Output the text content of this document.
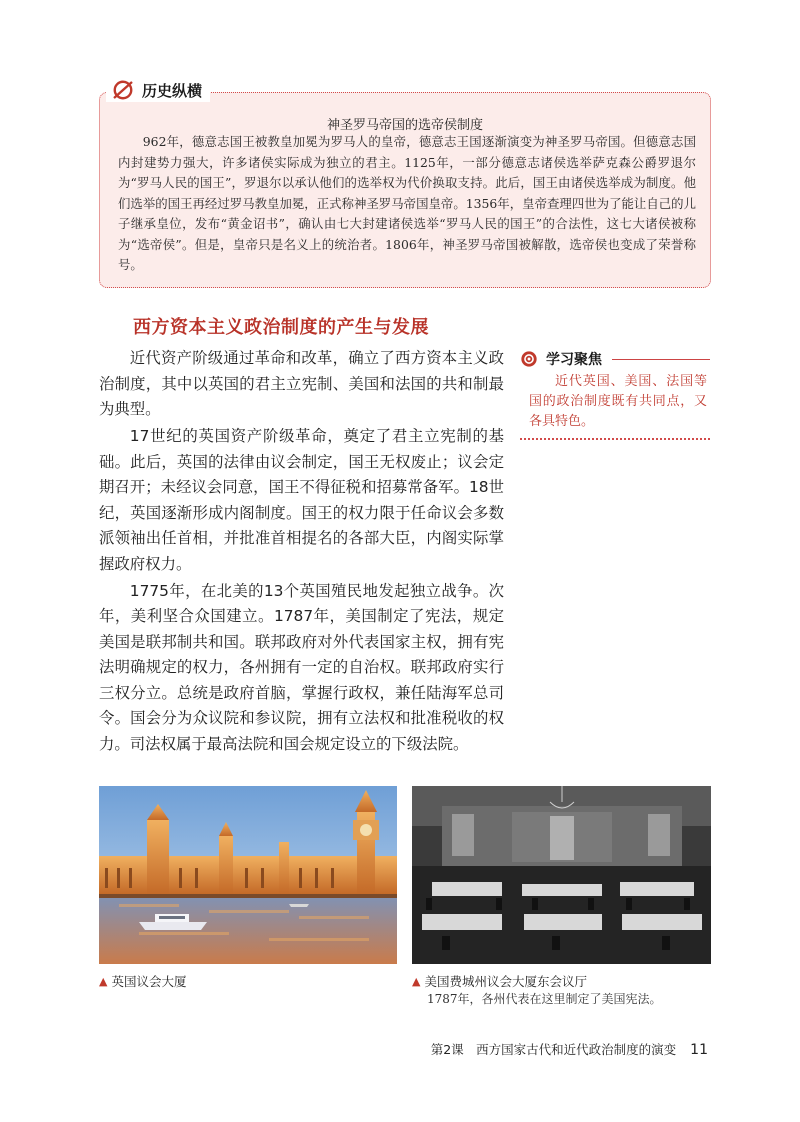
历史纵横
神圣罗马帝国的选帝侯制度

962年，德意志国王被教皇加冕为罗马人的皇帝，德意志王国逐渐演变为神圣罗马帝国。但德意志国内封建势力强大，许多诸侯实际成为独立的君主。1125年，一部分德意志诸侯选举萨克森公爵罗退尔为“罗马人民的国王”，罗退尔以承认他们的选举权为代价换取支持。此后，国王由诸侯选举成为制度。他们选举的国王再经过罗马教皇加冕，正式称神圣罗马帝国皇帝。1356年，皇帝查理四世为了能让自己的儿子继承皇位，发布“黄金诏书”，确认由七大封建诸侯选举“罗马人民的国王”的合法性，这七大诸侯被称为“选帝侯”。但是，皇帝只是名义上的统治者。1806年，神圣罗马帝国被解散，选帝侯也变成了荣誉称号。

西方资本主义政治制度的产生与发展

近代资产阶级通过革命和改革，确立了西方资本主义政治制度，其中以英国的君主立宪制、美国和法国的共和制最为典型。

17世纪的英国资产阶级革命，奠定了君主立宪制的基础。此后，英国的法律由议会制定，国王无权废止；议会定期召开；未经议会同意，国王不得征税和招募常备军。18世纪，英国逐渐形成内阁制度。国王的权力限于任命议会多数派领袖出任首相，并批准首相提名的各部大臣，内阁实际掌握政府权力。

1775年，在北美的13个英国殖民地发起独立战争。次年，美利坚合众国建立。1787年，美国制定了宪法，规定美国是联邦制共和国。联邦政府对外代表国家主权，拥有宪法明确规定的权力，各州拥有一定的自治权。联邦政府实行三权分立。总统是政府首脑，掌握行政权，兼任陆海军总司令。国会分为众议院和参议院，拥有立法权和批准税收的权力。司法权属于最高法院和国会规定设立的下级法院。

学习聚焦
近代英国、美国、法国等国的政治制度既有共同点，又各具特色。
▲ 英国议会大厦	▲ 美国费城州议会大厦东会议厅
1787年，各州代表在这里制定了美国宪法。
第2课　西方国家古代和近代政治制度的演变 11
